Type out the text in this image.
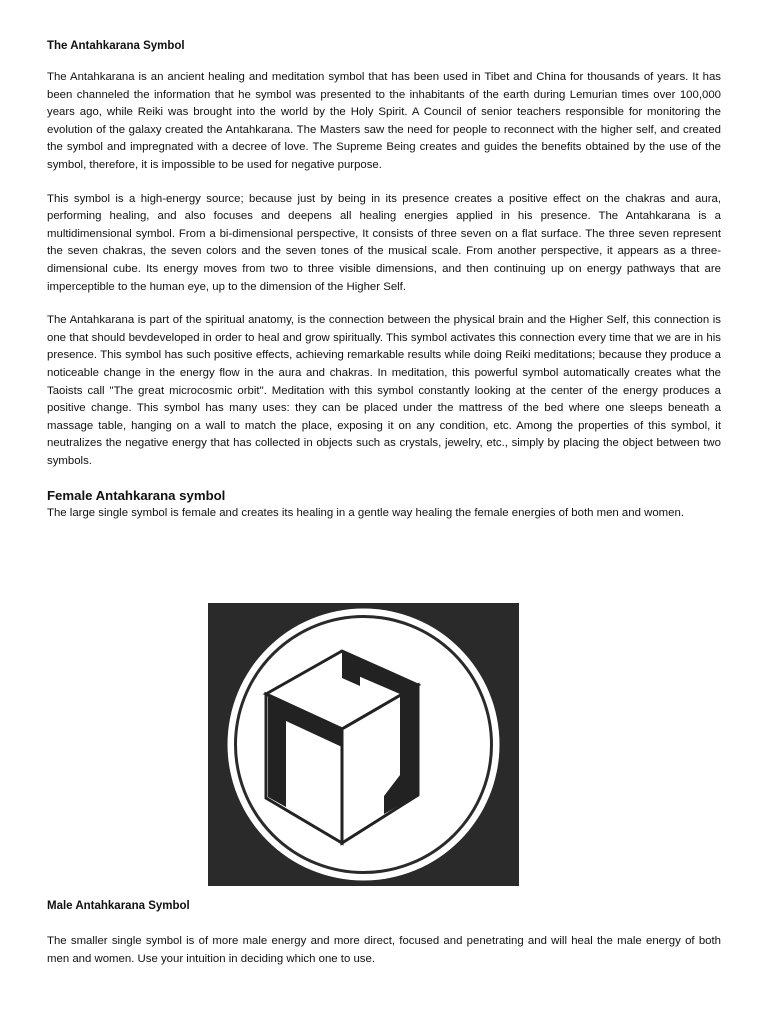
The Antahkarana Symbol

The Antahkarana is an ancient healing and meditation symbol that has been used in Tibet and China for thousands of years. It has been channeled the information that he symbol was presented to the inhabitants of the earth during Lemurian times over 100,000 years ago, while Reiki was brought into the world by the Holy Spirit. A Council of senior teachers responsible for monitoring the evolution of the galaxy created the Antahkarana. The Masters saw the need for people to reconnect with the higher self, and created the symbol and impregnated with a decree of love. The Supreme Being creates and guides the benefits obtained by the use of the symbol, therefore, it is impossible to be used for negative purpose.

This symbol is a high-energy source; because just by being in its presence creates a positive effect on the chakras and aura, performing healing, and also focuses and deepens all healing energies applied in his presence. The Antahkarana is a multidimensional symbol. From a bi-dimensional perspective, It consists of three seven on a flat surface. The three seven represent the seven chakras, the seven colors and the seven tones of the musical scale. From another perspective, it appears as a three-dimensional cube. Its energy moves from two to three visible dimensions, and then continuing up on energy pathways that are imperceptible to the human eye, up to the dimension of the Higher Self.

The Antahkarana is part of the spiritual anatomy, is the connection between the physical brain and the Higher Self, this connection is one that should bevdeveloped in order to heal and grow spiritually. This symbol activates this connection every time that we are in his presence. This symbol has such positive effects, achieving remarkable results while doing Reiki meditations; because they produce a noticeable change in the energy flow in the aura and chakras. In meditation, this powerful symbol automatically creates what the Taoists call "The great microcosmic orbit". Meditation with this symbol constantly looking at the center of the energy produces a positive change. This symbol has many uses: they can be placed under the mattress of the bed where one sleeps beneath a massage table, hanging on a wall to match the place, exposing it on any condition, etc. Among the properties of this symbol, it neutralizes the negative energy that has collected in objects such as crystals, jewelry, etc., simply by placing the object between two symbols.

Female Antahkarana symbol

The large single symbol is female and creates its healing in a gentle way healing the female energies of both men and women.

Male Antahkarana Symbol

The smaller single symbol is of more male energy and more direct, focused and penetrating and will heal the male energy of both men and women. Use your intuition in deciding which one to use.
